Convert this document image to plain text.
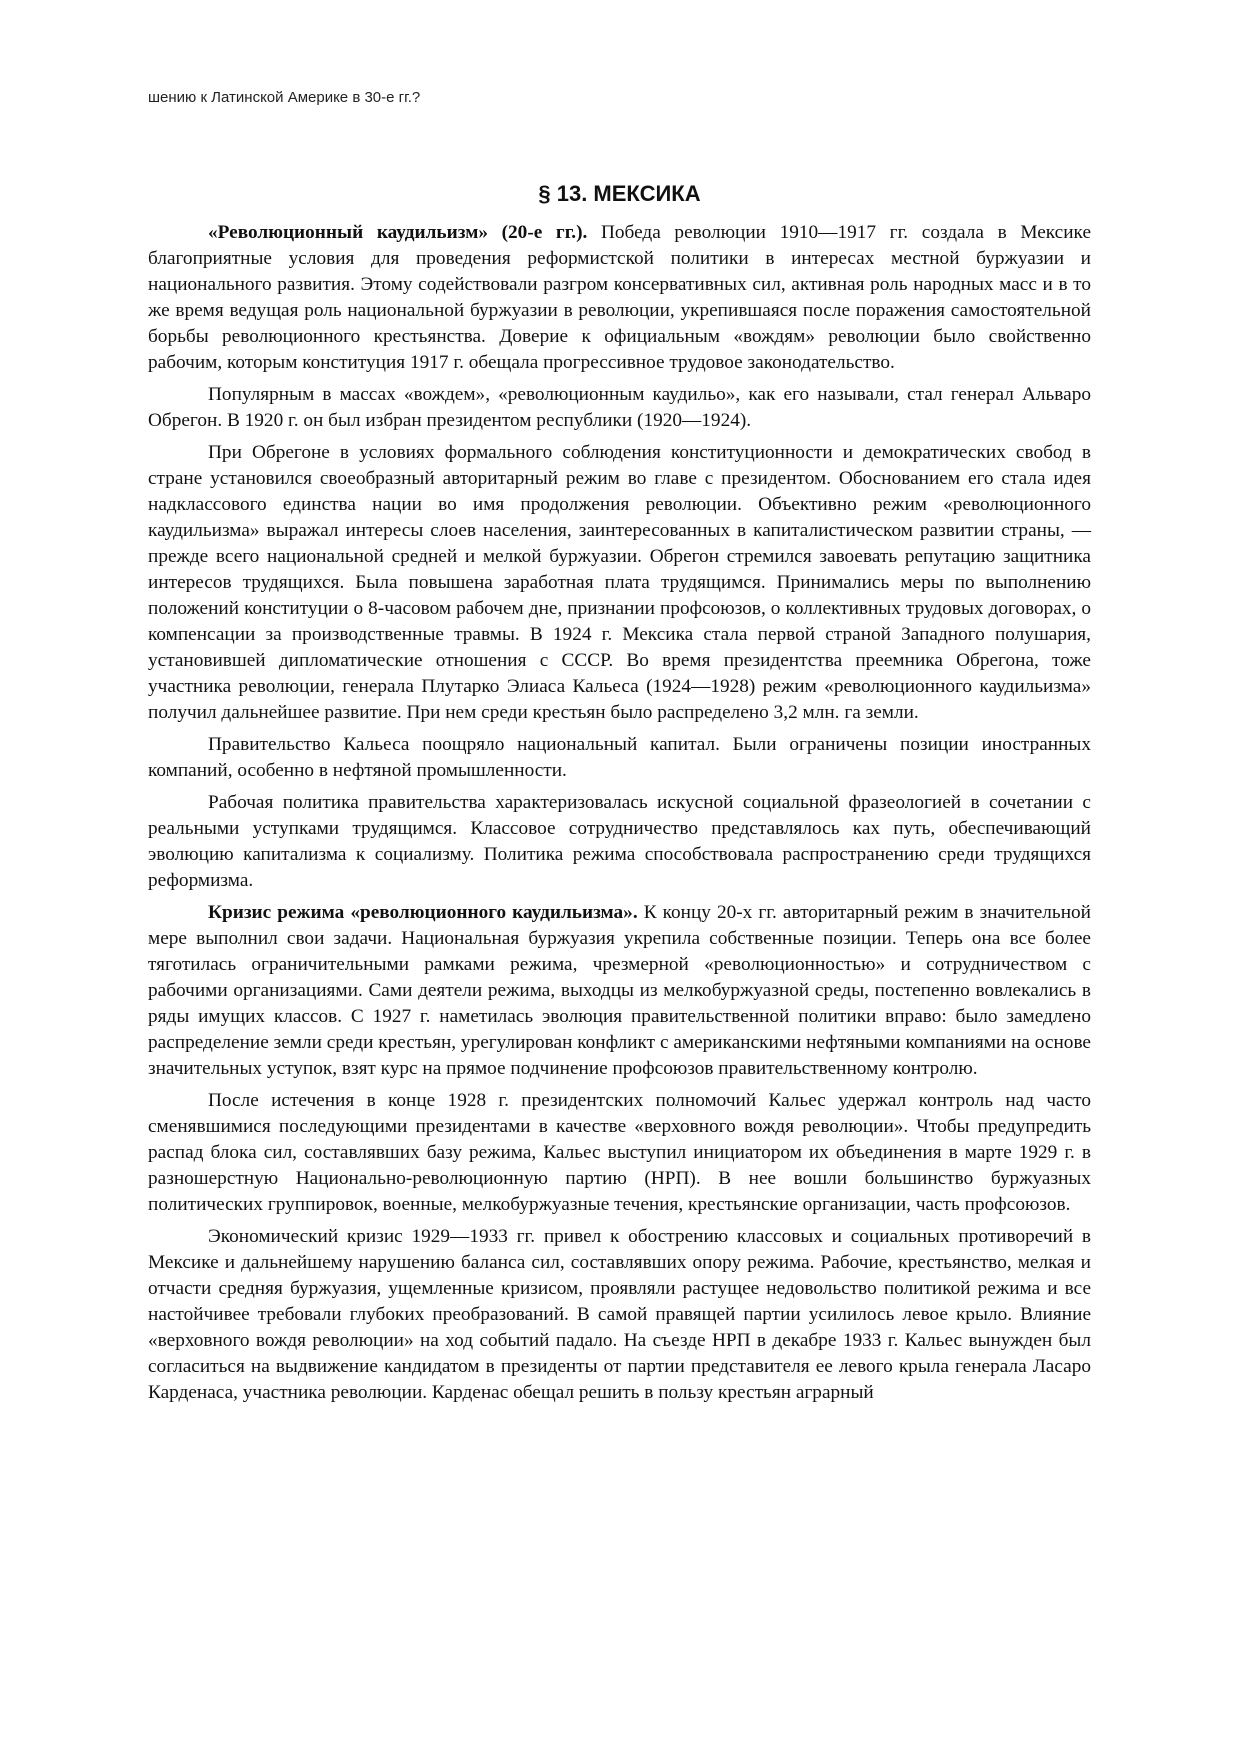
шению к Латинской Америке в 30-е гг.?
§ 13. МЕКСИКА

«Революционный каудильизм» (20-е гг.). Победа революции 1910—1917 гг. создала в Мексике благоприятные условия для проведения реформистской политики в интересах местной буржуазии и национального развития. Этому содействовали разгром консервативных сил, активная роль народных масс и в то же время ведущая роль национальной буржуазии в революции, укрепившаяся после поражения самостоятельной борьбы революционного крестьянства. Доверие к официальным «вождям» революции было свойственно рабочим, которым конституция 1917 г. обещала прогрессивное трудовое законодательство.

Популярным в массах «вождем», «революционным каудильо», как его называли, стал генерал Альваро Обрегон. В 1920 г. он был избран президентом республики (1920—1924).

При Обрегоне в условиях формального соблюдения конституционности и демократических свобод в стране установился своеобразный авторитарный режим во главе с президентом. Обоснованием его стала идея надклассового единства нации во имя продолжения революции. Объективно режим «революционного каудильизма» выражал интересы слоев населения, заинтересованных в капиталистическом развитии страны, — прежде всего национальной средней и мелкой буржуазии. Обрегон стремился завоевать репутацию защитника интересов трудящихся. Была повышена заработная плата трудящимся. Принимались меры по выполнению положений конституции о 8-часовом рабочем дне, признании профсоюзов, о коллективных трудовых договорах, о компенсации за производственные травмы. В 1924 г. Мексика стала первой страной Западного полушария, установившей дипломатические отношения с СССР. Во время президентства преемника Обрегона, тоже участника революции, генерала Плутарко Элиаса Кальеса (1924—1928) режим «революционного каудильизма» получил дальнейшее развитие. При нем среди крестьян было распределено 3,2 млн. га земли.

Правительство Кальеса поощряло национальный капитал. Были ограничены позиции иностранных компаний, особенно в нефтяной промышленности.

Рабочая политика правительства характеризовалась искусной социальной фразеологией в сочетании с реальными уступками трудящимся. Классовое сотрудничество представлялось ках путь, обеспечивающий эволюцию капитализма к социализму. Политика режима способствовала распространению среди трудящихся реформизма.

Кризис режима «революционного каудильизма». К концу 20-х гг. авторитарный режим в значительной мере выполнил свои задачи. Национальная буржуазия укрепила собственные позиции. Теперь она все более тяготилась ограничительными рамками режима, чрезмерной «революционностью» и сотрудничеством с рабочими организациями. Сами деятели режима, выходцы из мелкобуржуазной среды, постепенно вовлекались в ряды имущих классов. С 1927 г. наметилась эволюция правительственной политики вправо: было замедлено распределение земли среди крестьян, урегулирован конфликт с американскими нефтяными компаниями на основе значительных уступок, взят курс на прямое подчинение профсоюзов правительственному контролю.

После истечения в конце 1928 г. президентских полномочий Кальес удержал контроль над часто сменявшимися последующими президентами в качестве «верховного вождя революции». Чтобы предупредить распад блока сил, составлявших базу режима, Кальес выступил инициатором их объединения в марте 1929 г. в разношерстную Национально-революционную партию (НРП). В нее вошли большинство буржуазных политических группировок, военные, мелкобуржуазные течения, крестьянские организации, часть профсоюзов.

Экономический кризис 1929—1933 гг. привел к обострению классовых и социальных противоречий в Мексике и дальнейшему нарушению баланса сил, составлявших опору режима. Рабочие, крестьянство, мелкая и отчасти средняя буржуазия, ущемленные кризисом, проявляли растущее недовольство политикой режима и все настойчивее требовали глубоких преобразований. В самой правящей партии усилилось левое крыло. Влияние «верховного вождя революции» на ход событий падало. На съезде НРП в декабре 1933 г. Кальес вынужден был согласиться на выдвижение кандидатом в президенты от партии представителя ее левого крыла генерала Ласаро Карденаса, участника революции. Карденас обещал решить в пользу крестьян аграрный
